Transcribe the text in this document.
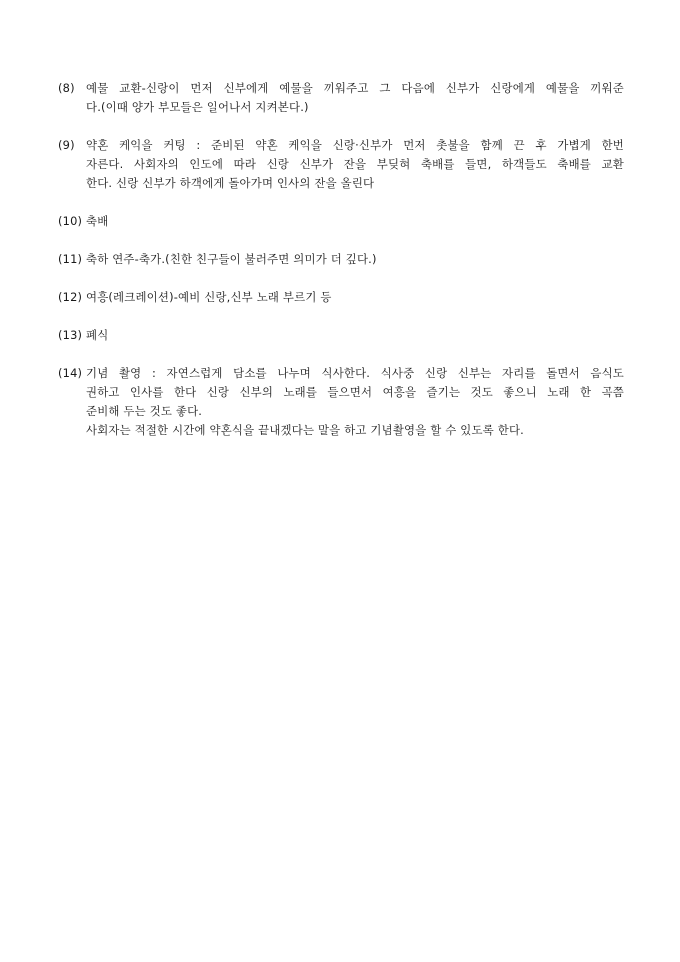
(8) 예물 교환-신랑이 먼저 신부에게 예물을 끼워주고 그 다음에 신부가 신랑에게 예물을 끼워준
다.(이때 양가 부모들은 일어나서 지켜본다.)
(9) 약혼 케익을 커팅 : 준비된 약혼 케익을 신랑·신부가 먼저 촛불을 함께 끈 후 가볍게 한번
자른다. 사회자의 인도에 따라 신랑 신부가 잔을 부딪혀 축배를 들면, 하객들도 축배를 교환
한다. 신랑 신부가 하객에게 돌아가며 인사의 잔을 올린다
(10) 축배
(11) 축하 연주-축가.(친한 친구들이 불러주면 의미가 더 깊다.)
(12) 여흥(레크레이션)-예비 신랑,신부 노래 부르기 등
(13) 폐식
(14) 기념 촬영 : 자연스럽게 담소를 나누며 식사한다. 식사중 신랑 신부는 자리를 돌면서 음식도
권하고 인사를 한다 신랑 신부의 노래를 들으면서 여흥을 즐기는 것도 좋으니 노래 한 곡쯤
준비해 두는 것도 좋다.
사회자는 적절한 시간에 약혼식을 끝내겠다는 말을 하고 기념촬영을 할 수 있도록 한다.
